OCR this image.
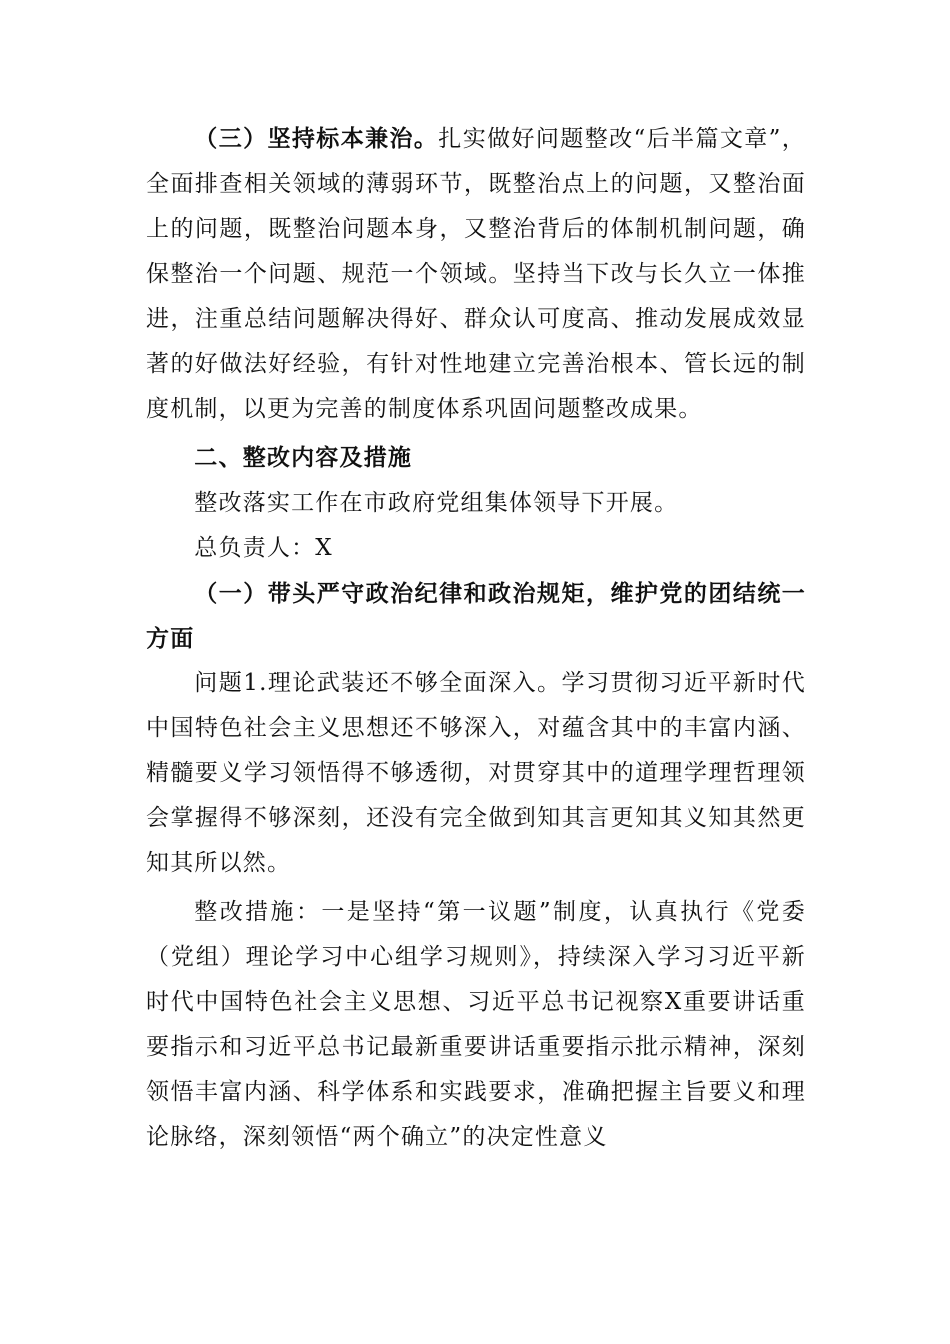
（三）坚持标本兼治。扎实做好问题整改“后半篇文章”，全面排查相关领域的薄弱环节，既整治点上的问题，又整治面上的问题，既整治问题本身，又整治背后的体制机制问题，确保整治一个问题、规范一个领域。坚持当下改与长久立一体推进，注重总结问题解决得好、群众认可度高、推动发展成效显著的好做法好经验，有针对性地建立完善治根本、管长远的制度机制，以更为完善的制度体系巩固问题整改成果。

二、整改内容及措施

整改落实工作在市政府党组集体领导下开展。

总负责人：X

（一）带头严守政治纪律和政治规矩，维护党的团结统一方面

问题1.理论武装还不够全面深入。学习贯彻习近平新时代中国特色社会主义思想还不够深入，对蕴含其中的丰富内涵、精髓要义学习领悟得不够透彻，对贯穿其中的道理学理哲理领会掌握得不够深刻，还没有完全做到知其言更知其义知其然更知其所以然。

整改措施：一是坚持“第一议题”制度，认真执行《党委（党组）理论学习中心组学习规则》，持续深入学习习近平新时代中国特色社会主义思想、习近平总书记视察X重要讲话重要指示和习近平总书记最新重要讲话重要指示批示精神，深刻领悟丰富内涵、科学体系和实践要求，准确把握主旨要义和理论脉络，深刻领悟“两个确立”的决定性意义
